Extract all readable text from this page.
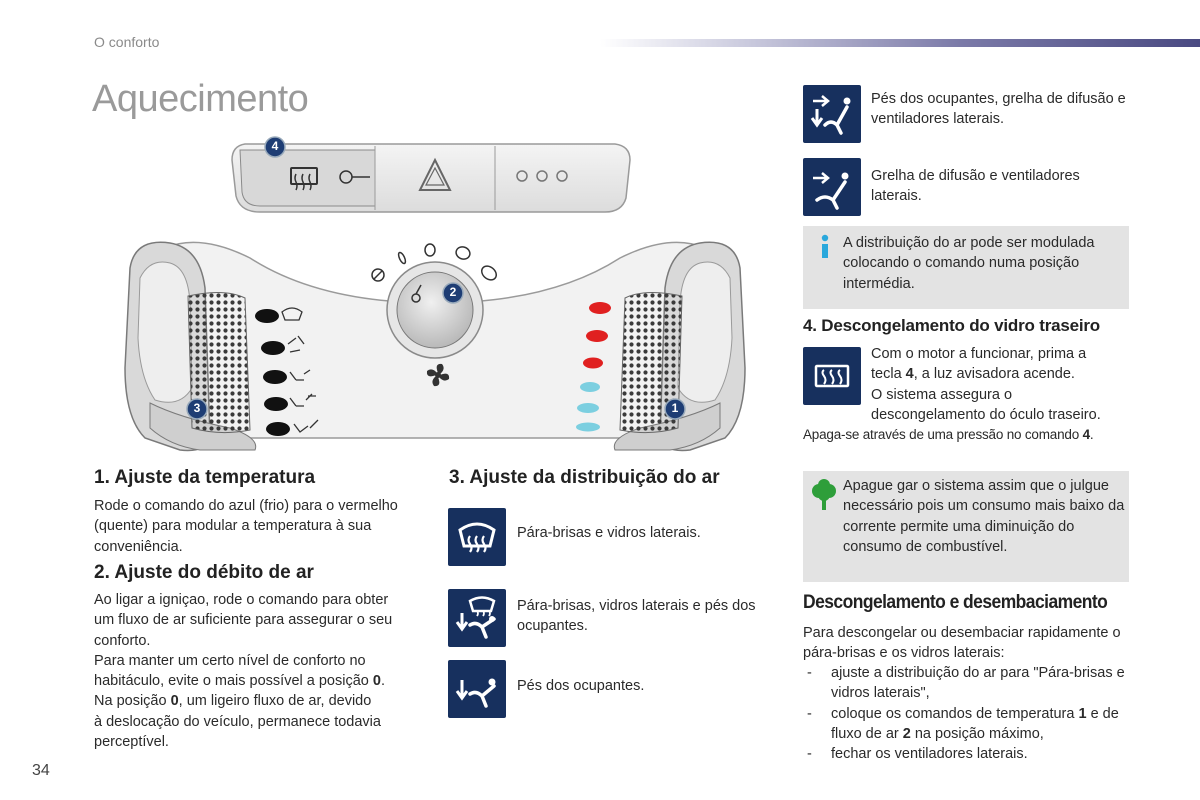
O conforto
Aquecimento
4
2
3	1
1. Ajuste da temperatura
Rode o comando do azul (frio) para o vermelho (quente) para modular a temperatura à sua conveniência.
2. Ajuste do débito de ar
Ao ligar a igniçao, rode o comando para obter
um fluxo de ar suficiente para assegurar o seu
conforto.
Para manter um certo nível de conforto no
habitáculo, evite o mais possível a posição 0.
Na posição 0, um ligeiro fluxo de ar, devido
à deslocação do veículo, permanece todavia
perceptível.
3. Ajuste da distribuição do ar
Pára-brisas e vidros laterais.
Pára-brisas, vidros laterais e pés dos ocupantes.
Pés dos ocupantes.
Pés dos ocupantes, grelha de difusão e ventiladores laterais.
Grelha de difusão e ventiladores laterais.
A distribuição do ar pode ser modulada colocando o comando numa posição intermédia.
4. Descongelamento do vidro traseiro
Com o motor a funcionar, prima a
tecla 4, a luz avisadora acende.
O sistema assegura o
descongelamento do óculo traseiro.
Apaga-se através de uma pressão no comando 4.
Apague gar o sistema assim que o julgue necessário pois um consumo mais baixo da corrente permite uma diminuição do consumo de combustível.
Descongelamento e desembaciamento
Para descongelar ou desembaciar rapidamente o pára-brisas e os vidros laterais:
- ajuste a distribuição do ar para "Pára-brisas e vidros laterais",
- coloque os comandos de temperatura 1 e de fluxo de ar 2 na posição máximo,
- fechar os ventiladores laterais.
34
